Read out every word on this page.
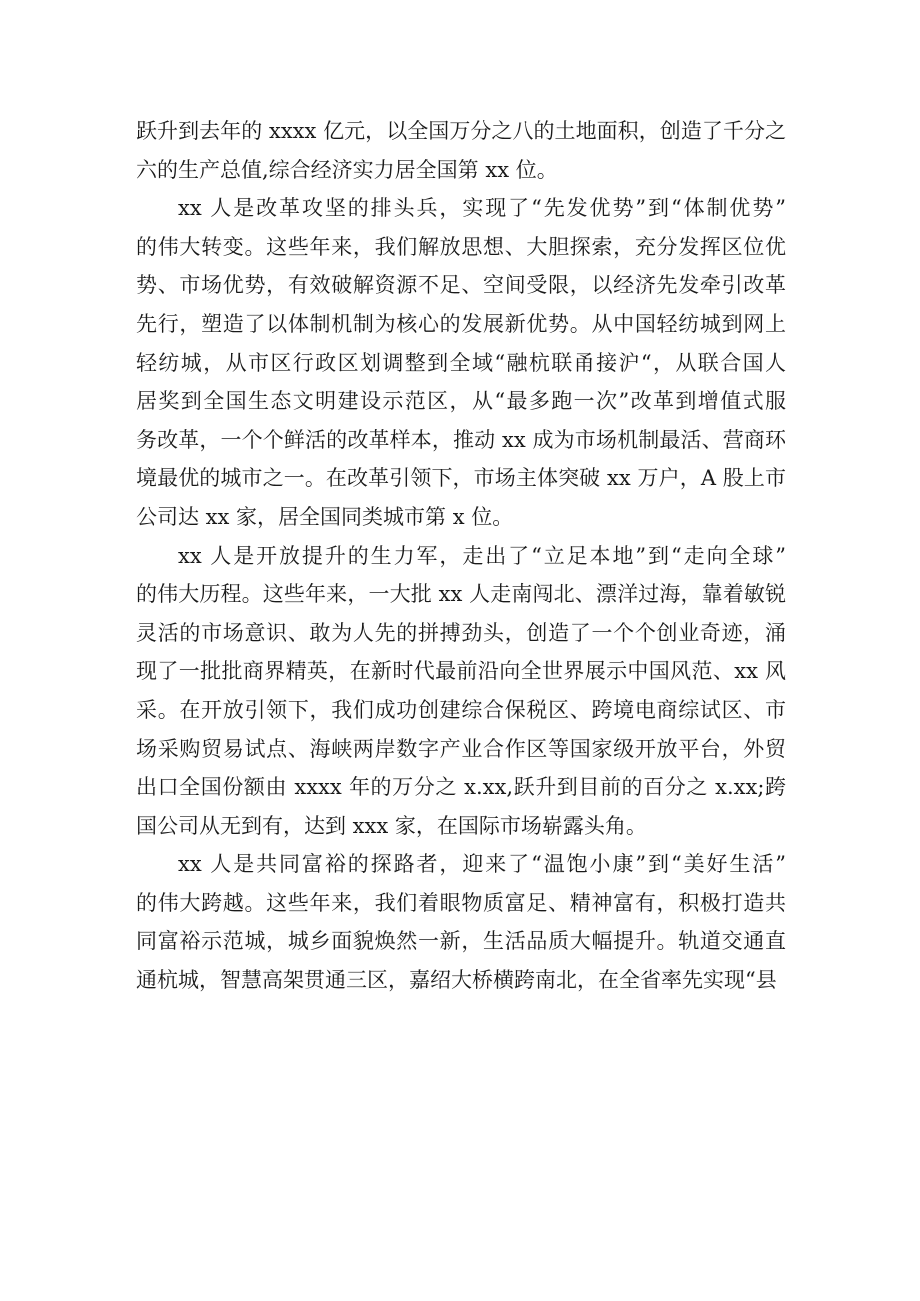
跃升到去年的 xxxx 亿元，以全国万分之八的土地面积，创造了千分之
六的生产总值,综合经济实力居全国第 xx 位。
xx 人是改革攻坚的排头兵，实现了“先发优势”到“体制优势”
的伟大转变。这些年来，我们解放思想、大胆探索，充分发挥区位优
势、市场优势，有效破解资源不足、空间受限，以经济先发牵引改革
先行，塑造了以体制机制为核心的发展新优势。从中国轻纺城到网上
轻纺城，从市区行政区划调整到全域“融杭联甬接沪“，从联合国人
居奖到全国生态文明建设示范区，从“最多跑一次”改革到增值式服
务改革，一个个鲜活的改革样本，推动 xx 成为市场机制最活、营商环
境最优的城市之一。在改革引领下，市场主体突破 xx 万户，A 股上市
公司达 xx 家，居全国同类城市第 x 位。
xx 人是开放提升的生力军，走出了“立足本地”到“走向全球”
的伟大历程。这些年来，一大批 xx 人走南闯北、漂洋过海，靠着敏锐
灵活的市场意识、敢为人先的拼搏劲头，创造了一个个创业奇迹，涌
现了一批批商界精英，在新时代最前沿向全世界展示中国风范、xx 风
采。在开放引领下，我们成功创建综合保税区、跨境电商综试区、市
场采购贸易试点、海峡两岸数字产业合作区等国家级开放平台，外贸
出口全国份额由 xxxx 年的万分之 x.xx,跃升到目前的百分之 x.xx;跨
国公司从无到有，达到 xxx 家，在国际市场崭露头角。
xx 人是共同富裕的探路者，迎来了“温饱小康”到“美好生活”
的伟大跨越。这些年来，我们着眼物质富足、精神富有，积极打造共
同富裕示范城，城乡面貌焕然一新，生活品质大幅提升。轨道交通直
通杭城，智慧高架贯通三区，嘉绍大桥横跨南北，在全省率先实现“县
